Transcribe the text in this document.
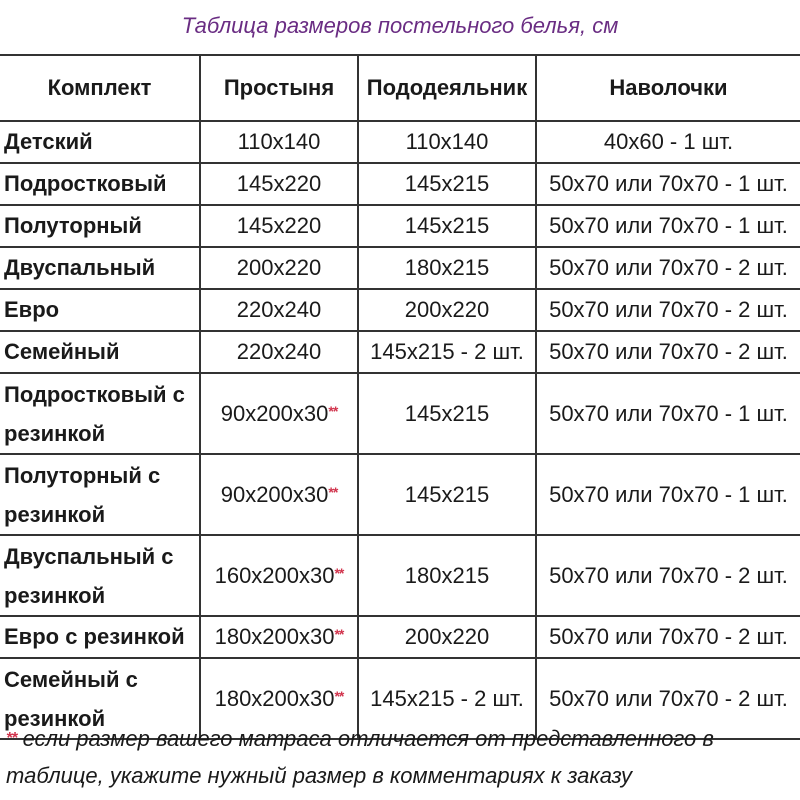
Таблица размеров постельного белья, см
Комплект	Простыня	Пододеяльник	Наволочки
Детский	110x140	110x140	40x60 - 1 шт.
Подростковый	145x220	145x215	50x70 или 70x70 - 1 шт.
Полуторный	145x220	145x215	50x70 или 70x70 - 1 шт.
Двуспальный	200x220	180x215	50x70 или 70x70 - 2 шт.
Евро	220x240	200x220	50x70 или 70x70 - 2 шт.
Семейный	220x240	145x215 - 2 шт.	50x70 или 70x70 - 2 шт.
Подростковый с резинкой	90x200x30**	145x215	50x70 или 70x70 - 1 шт.
Полуторный с резинкой	90x200x30**	145x215	50x70 или 70x70 - 1 шт.
Двуспальный с резинкой	160x200x30**	180x215	50x70 или 70x70 - 2 шт.
Евро с резинкой	180x200x30**	200x220	50x70 или 70x70 - 2 шт.
Семейный с резинкой	180x200x30**	145x215 - 2 шт.	50x70 или 70x70 - 2 шт.
** если размер вашего матраса отличается от представленного в таблице, укажите нужный размер в комментариях к заказу
